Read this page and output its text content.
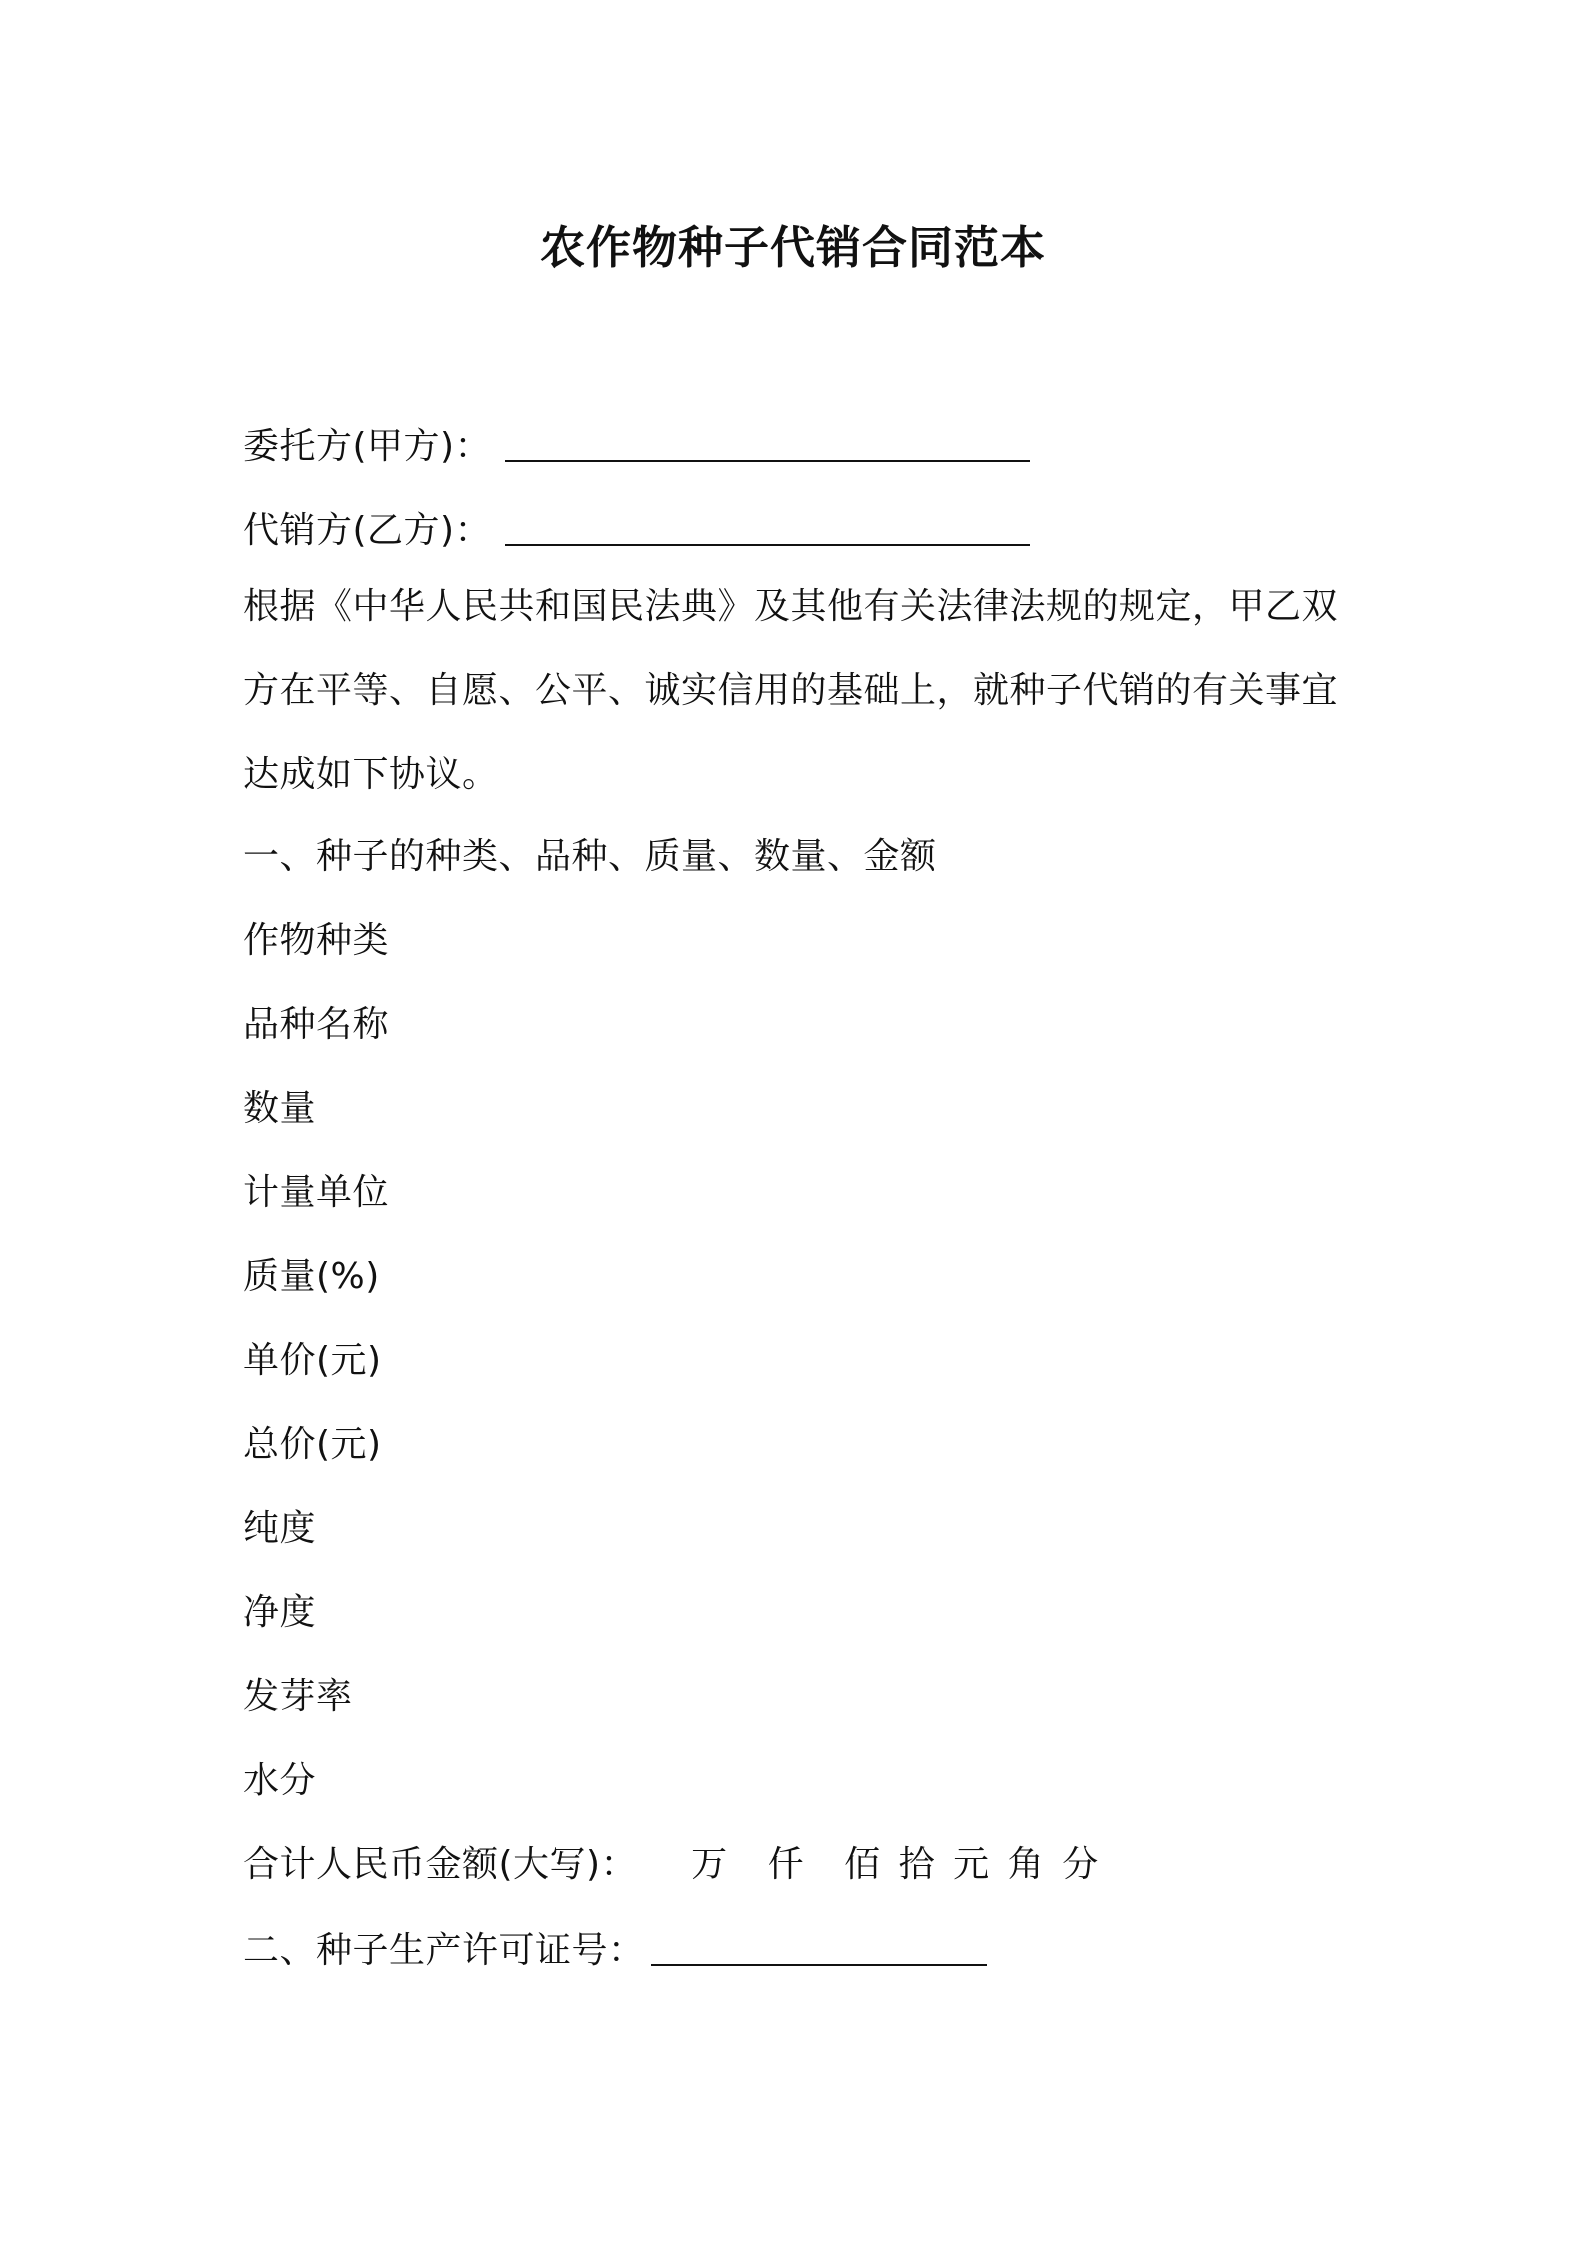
农作物种子代销合同范本
委托方(甲方)：
代销方(乙方)：
根据《中华人民共和国民法典》及其他有关法律法规的规定，甲乙双方在平等、自愿、公平、诚实信用的基础上，就种子代销的有关事宜达成如下协议。
一、种子的种类、品种、质量、数量、金额
作物种类
品种名称
数量
计量单位
质量(%)
单价(元)
总价(元)
纯度
净度
发芽率
水分
合计人民币金额(大写)： 万 仟 佰 拾 元 角 分
二、种子生产许可证号：
